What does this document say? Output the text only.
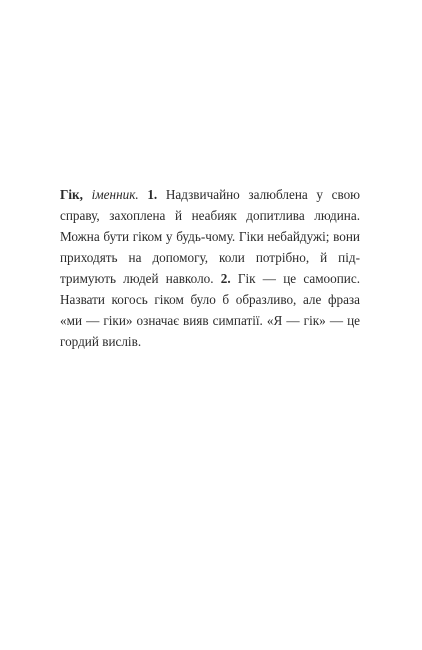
Гік, іменник. 1. Надзвичайно залюблена у свою справу, захоплена й неабияк допитлива людина. Можна бути гіком у будь-чому. Гіки небайдужі; вони приходять на допомогу, коли потрібно, й підтримують людей навколо. 2. Гік — це самоопис. Назвати когось гіком було б образливо, але фраза «ми — гіки» означає вияв симпатії. «Я — гік» — це гордий вислів.
